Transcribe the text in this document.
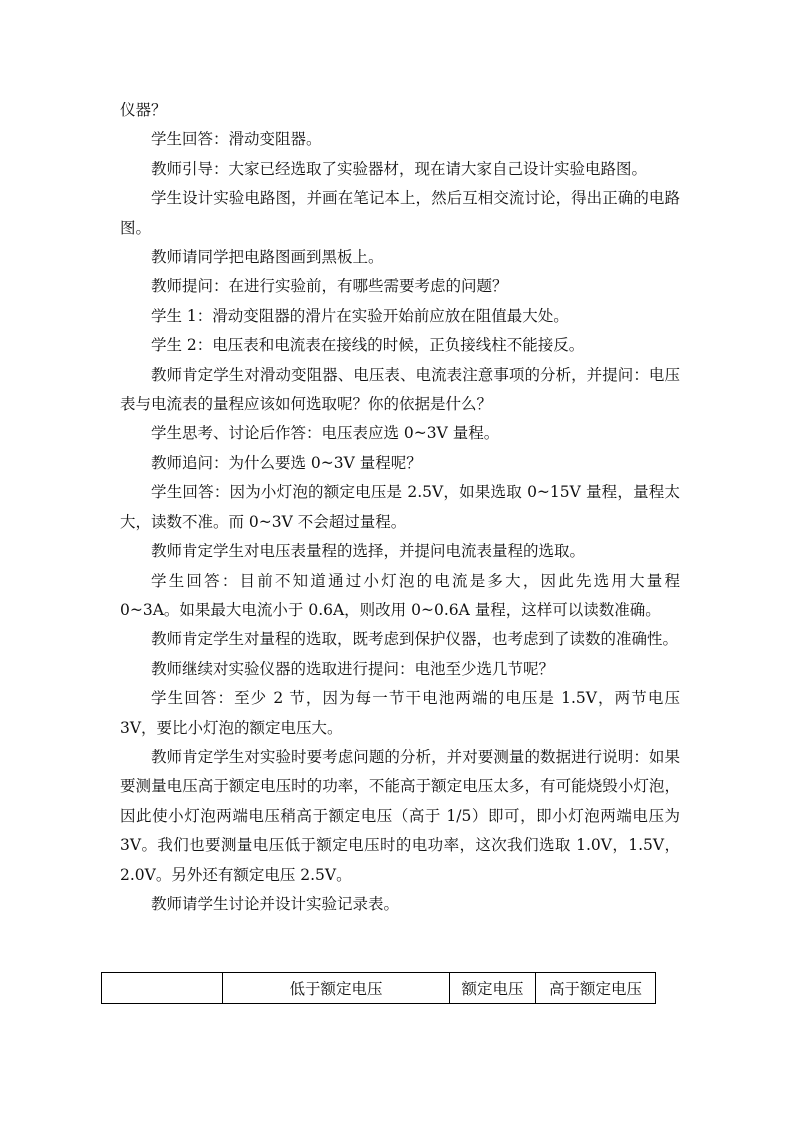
仪器？

学生回答：滑动变阻器。

教师引导：大家已经选取了实验器材，现在请大家自己设计实验电路图。

学生设计实验电路图，并画在笔记本上，然后互相交流讨论，得出正确的电路图。

教师请同学把电路图画到黑板上。

教师提问：在进行实验前，有哪些需要考虑的问题？

学生 1：滑动变阻器的滑片在实验开始前应放在阻值最大处。

学生 2：电压表和电流表在接线的时候，正负接线柱不能接反。

教师肯定学生对滑动变阻器、电压表、电流表注意事项的分析，并提问：电压表与电流表的量程应该如何选取呢？你的依据是什么？

学生思考、讨论后作答：电压表应选 0~3V 量程。

教师追问：为什么要选 0~3V 量程呢？

学生回答：因为小灯泡的额定电压是 2.5V，如果选取 0~15V 量程，量程太大，读数不准。而 0~3V 不会超过量程。

教师肯定学生对电压表量程的选择，并提问电流表量程的选取。

学生回答：目前不知道通过小灯泡的电流是多大，因此先选用大量程 0~3A。如果最大电流小于 0.6A，则改用 0~0.6A 量程，这样可以读数准确。

教师肯定学生对量程的选取，既考虑到保护仪器，也考虑到了读数的准确性。

教师继续对实验仪器的选取进行提问：电池至少选几节呢？

学生回答：至少 2 节，因为每一节干电池两端的电压是 1.5V，两节电压 3V，要比小灯泡的额定电压大。

教师肯定学生对实验时要考虑问题的分析，并对要测量的数据进行说明：如果要测量电压高于额定电压时的功率，不能高于额定电压太多，有可能烧毁小灯泡，因此使小灯泡两端电压稍高于额定电压（高于 1/5）即可，即小灯泡两端电压为 3V。我们也要测量电压低于额定电压时的电功率，这次我们选取 1.0V，1.5V，2.0V。另外还有额定电压 2.5V。

教师请学生讨论并设计实验记录表。

	低于额定电压	额定电压	高于额定电压
